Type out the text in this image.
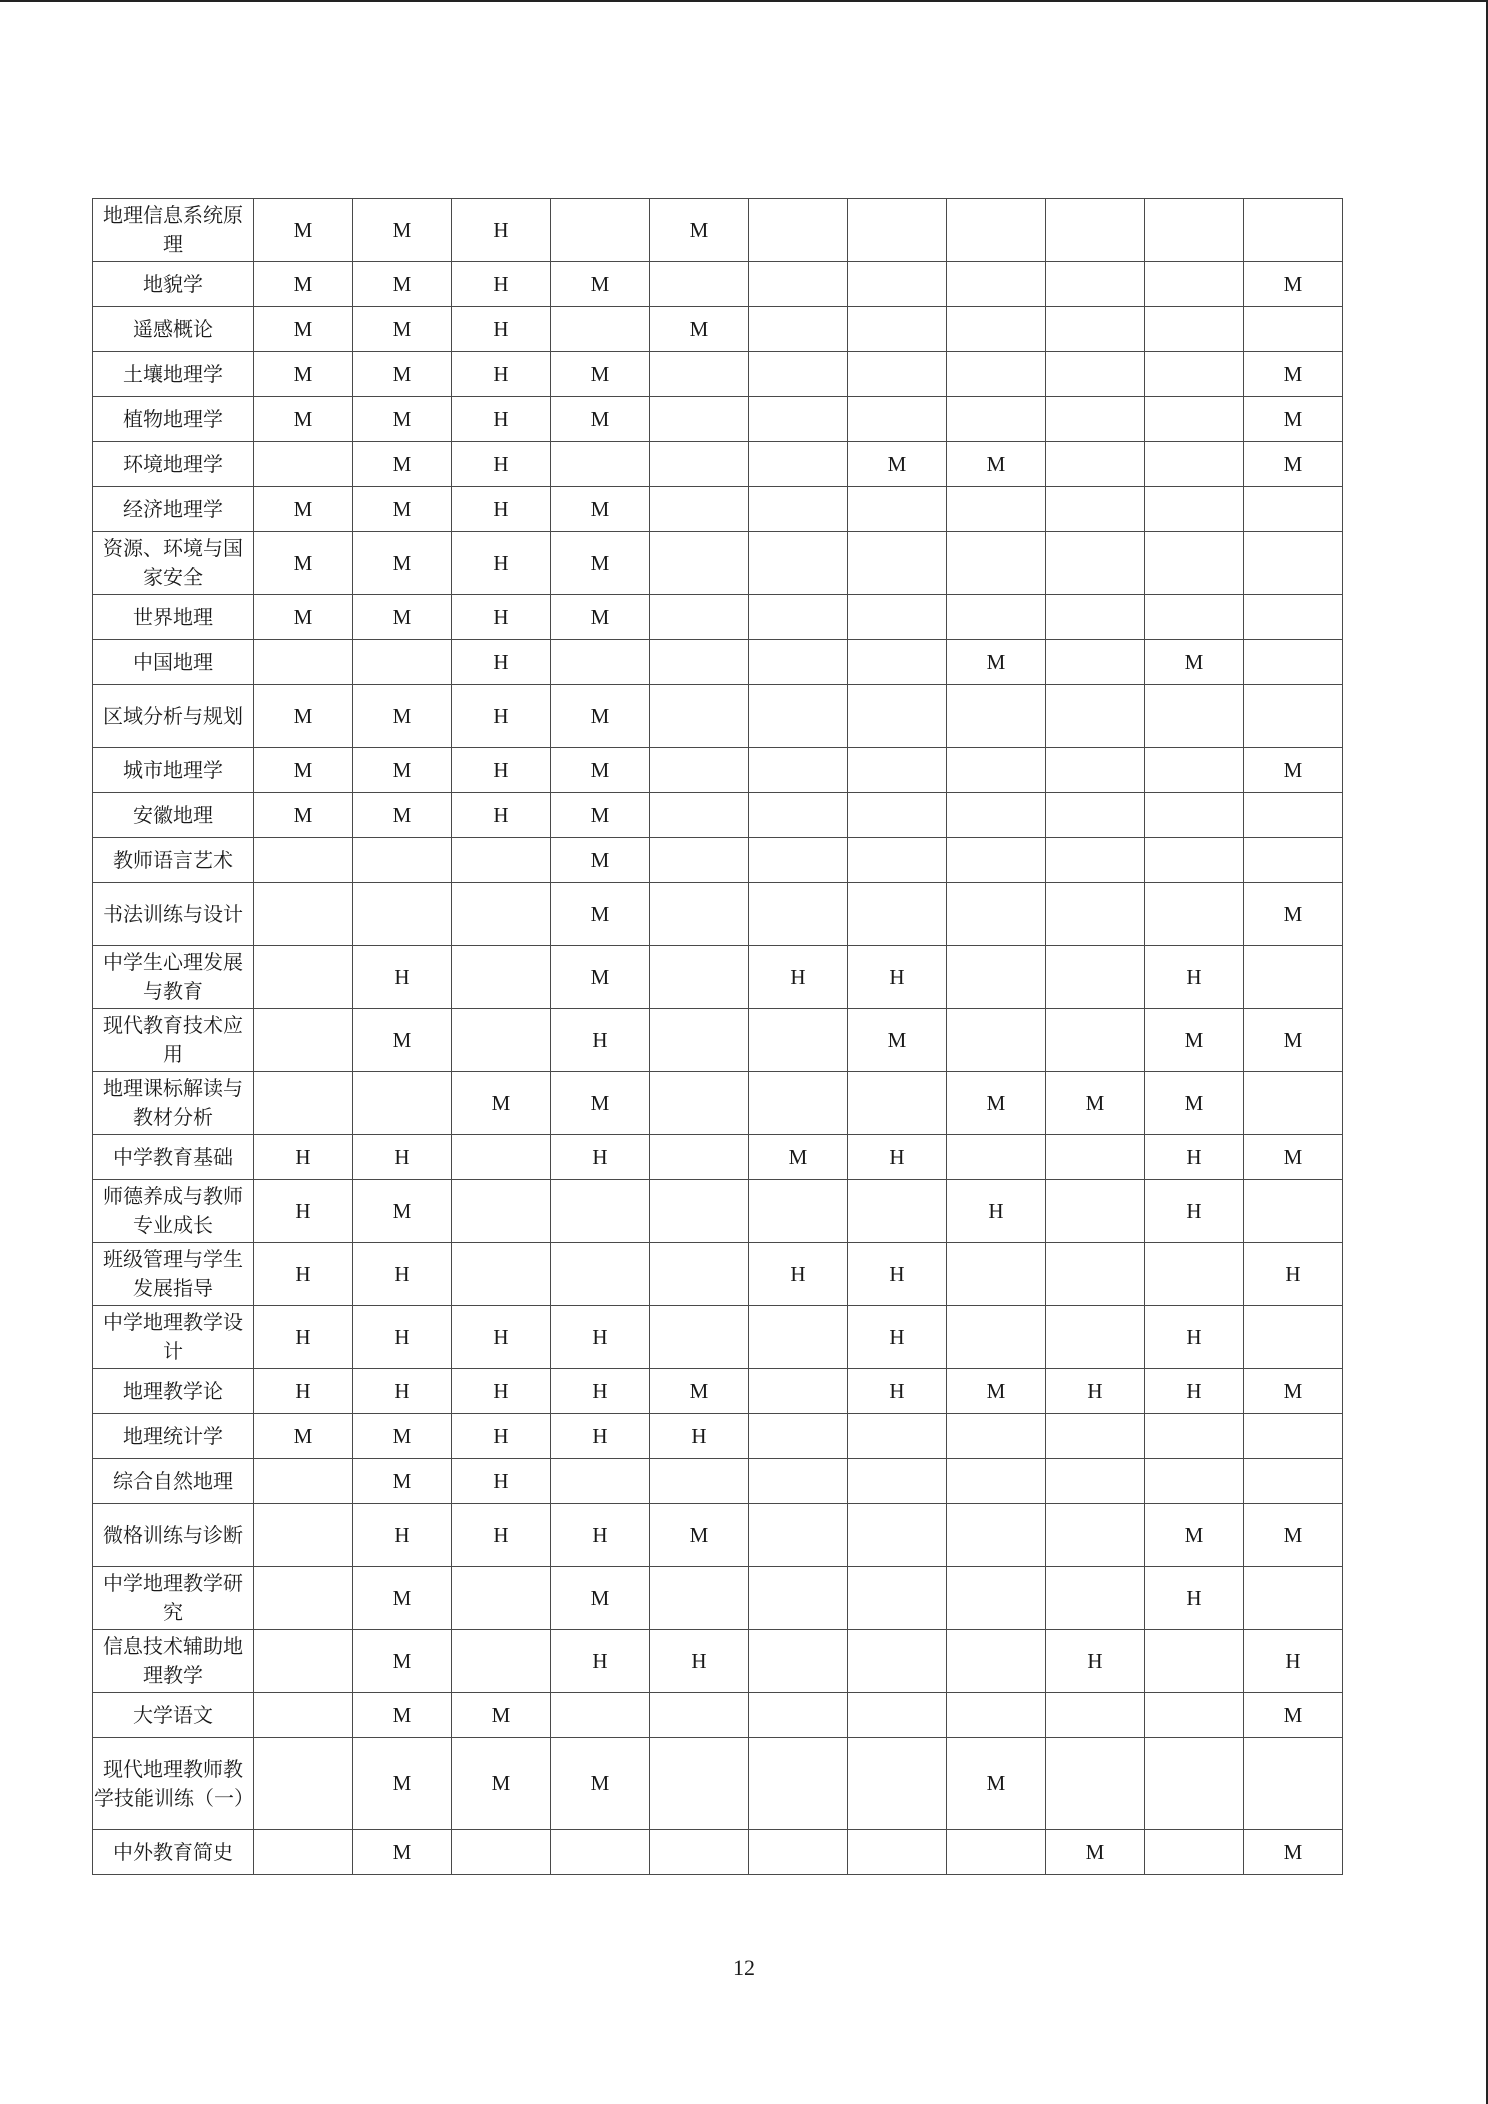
地理信息系统原理	M	M	H		M						
地貌学	M	M	H	M							M
遥感概论	M	M	H		M						
土壤地理学	M	M	H	M							M
植物地理学	M	M	H	M							M
环境地理学		M	H				M	M			M
经济地理学	M	M	H	M							
资源、环境与国家安全	M	M	H	M							
世界地理	M	M	H	M							
中国地理			H					M		M	
区域分析与规划	M	M	H	M							
城市地理学	M	M	H	M							M
安徽地理	M	M	H	M							
教师语言艺术				M							
书法训练与设计				M							M
中学生心理发展与教育		H		M		H	H			H	
现代教育技术应用		M		H			M			M	M
地理课标解读与教材分析			M	M				M	M	M	
中学教育基础	H	H		H		M	H			H	M
师德养成与教师专业成长	H	M						H		H	
班级管理与学生发展指导	H	H				H	H				H
中学地理教学设计	H	H	H	H			H			H	
地理教学论	H	H	H	H	M		H	M	H	H	M
地理统计学	M	M	H	H	H						
综合自然地理		M	H								
微格训练与诊断		H	H	H	M					M	M
中学地理教学研究		M		M						H	
信息技术辅助地理教学		M		H	H				H		H
大学语文		M	M								M
现代地理教师教学技能训练（一）		M	M	M				M			
中外教育简史		M							M		M
12
